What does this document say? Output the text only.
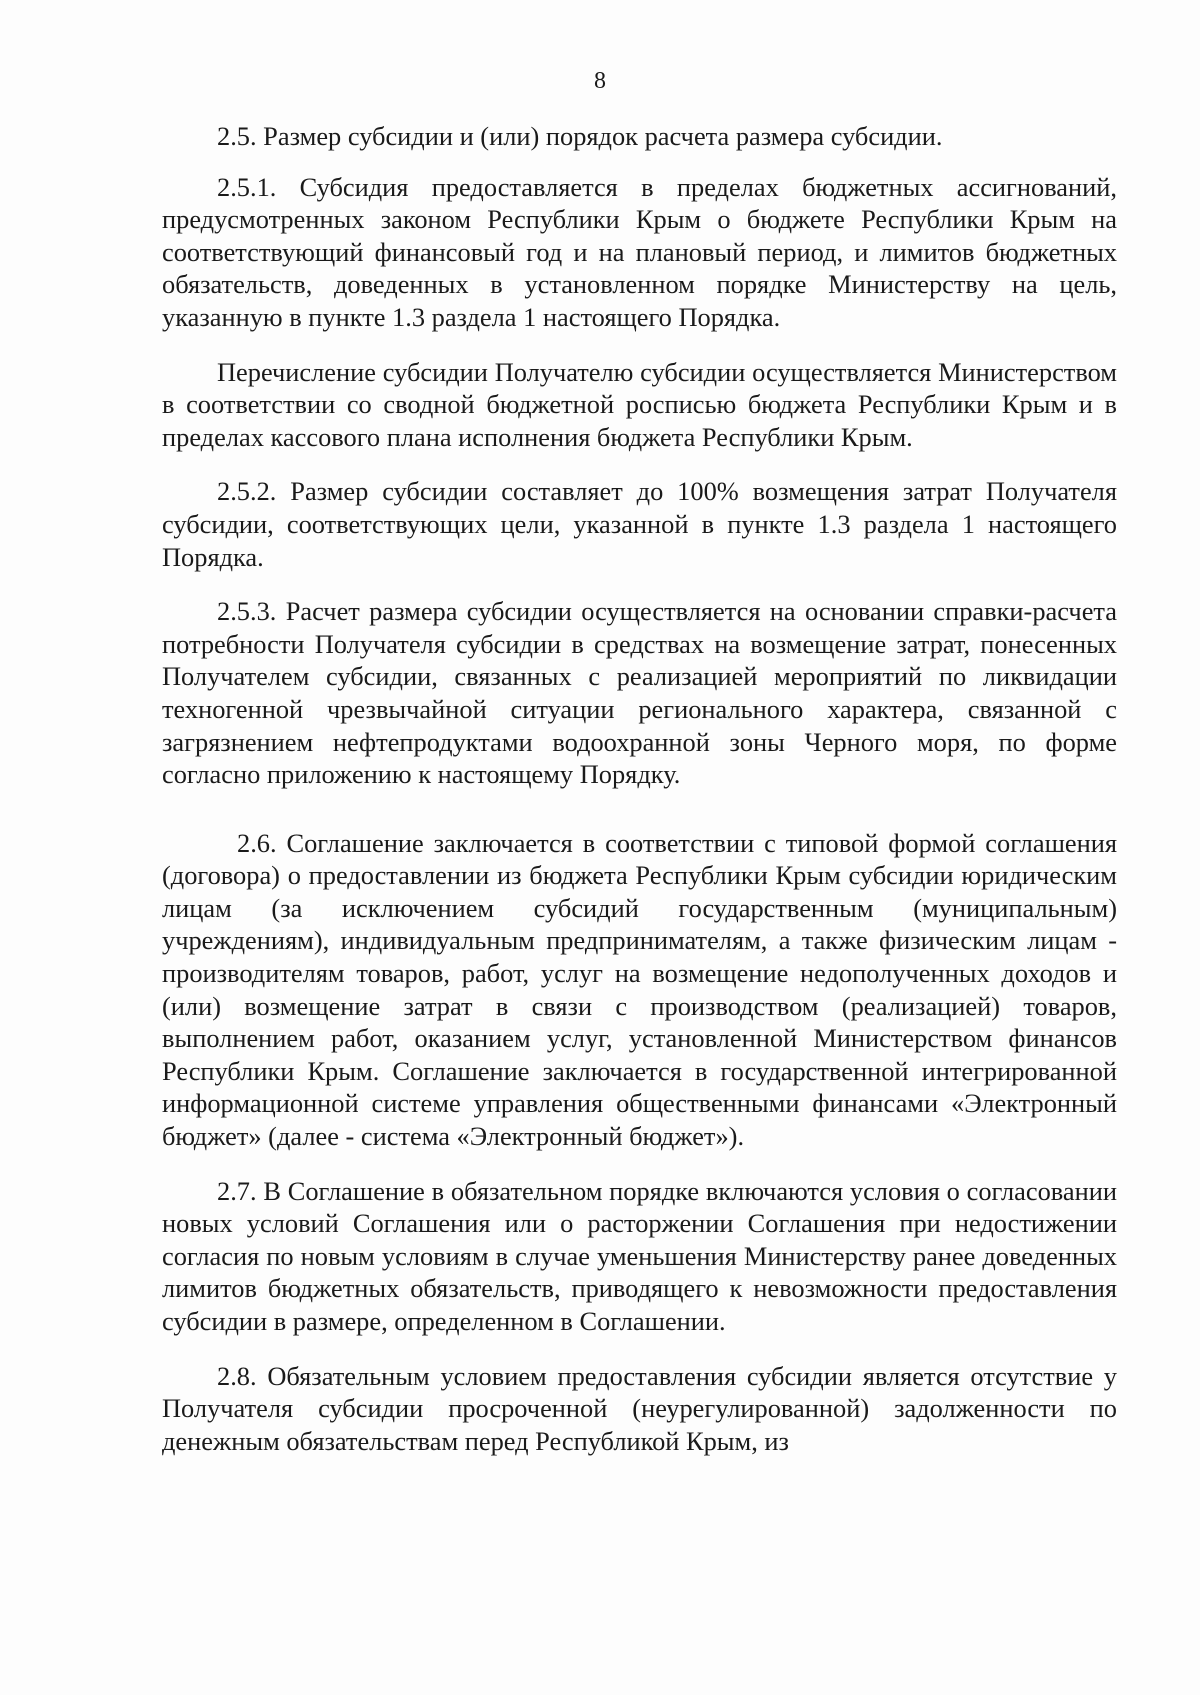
8

2.5. Размер субсидии и (или) порядок расчета размера субсидии.

2.5.1. Субсидия предоставляется в пределах бюджетных ассигнований, предусмотренных законом Республики Крым о бюджете Республики Крым на соответствующий финансовый год и на плановый период, и лимитов бюджетных обязательств, доведенных в установленном порядке Министерству на цель, указанную в пункте 1.3 раздела 1 настоящего Порядка.

Перечисление субсидии Получателю субсидии осуществляется Министерством в соответствии со сводной бюджетной росписью бюджета Республики Крым и в пределах кассового плана исполнения бюджета Республики Крым.

2.5.2. Размер субсидии составляет до 100% возмещения затрат Получателя субсидии, соответствующих цели, указанной в пункте 1.3 раздела 1 настоящего Порядка.

2.5.3. Расчет размера субсидии осуществляется на основании справки-расчета потребности Получателя субсидии в средствах на возмещение затрат, понесенных Получателем субсидии, связанных с реализацией мероприятий по ликвидации техногенной чрезвычайной ситуации регионального характера, связанной с загрязнением нефтепродуктами водоохранной зоны Черного моря, по форме согласно приложению к настоящему Порядку.

2.6. Соглашение заключается в соответствии с типовой формой соглашения (договора) о предоставлении из бюджета Республики Крым субсидии юридическим лицам (за исключением субсидий государственным (муниципальным) учреждениям), индивидуальным предпринимателям, а также физическим лицам - производителям товаров, работ, услуг на возмещение недополученных доходов и (или) возмещение затрат в связи с производством (реализацией) товаров, выполнением работ, оказанием услуг, установленной Министерством финансов Республики Крым. Соглашение заключается в государственной интегрированной информационной системе управления общественными финансами «Электронный бюджет» (далее - система «Электронный бюджет»).

2.7. В Соглашение в обязательном порядке включаются условия о согласовании новых условий Соглашения или о расторжении Соглашения при недостижении согласия по новым условиям в случае уменьшения Министерству ранее доведенных лимитов бюджетных обязательств, приводящего к невозможности предоставления субсидии в размере, определенном в Соглашении.

2.8. Обязательным условием предоставления субсидии является отсутствие у Получателя субсидии просроченной (неурегулированной) задолженности по денежным обязательствам перед Республикой Крым, из
